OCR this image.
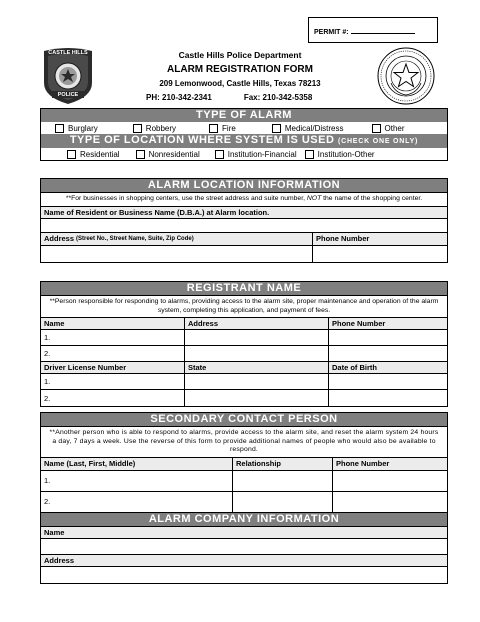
PERMIT #:
CASTLE HILLS
POLICE
Castle Hills Police Department
ALARM REGISTRATION FORM
209 Lemonwood, Castle Hills, Texas 78213
PH: 210-342-2341	Fax: 210-342-5358
TYPE OF ALARM
Burglary	Robbery	Fire	Medical/Distress	Other
TYPE OF LOCATION WHERE SYSTEM IS USED (CHECK ONE ONLY)
Residential	Nonresidential	Institution-Financial	Institution-Other
ALARM LOCATION INFORMATION
**For businesses in shopping centers, use the street address and suite number, NOT the name of the shopping center.
Name of Resident or Business Name (D.B.A.) at Alarm location.
Address (Street No., Street Name, Suite, Zip Code)	Phone Number
REGISTRANT NAME
**Person responsible for responding to alarms, providing access to the alarm site, proper maintenance and operation of the alarm system, completing this application, and payment of fees.
Name	Address	Phone Number
1.
2.
Driver License Number	State	Date of Birth
1.
2.
SECONDARY CONTACT PERSON
**Another person who is able to respond to alarms, provide access to the alarm site, and reset the alarm system 24 hours a day, 7 days a week. Use the reverse of this form to provide additional names of people who would also be available to respond.
Name (Last, First, Middle)	Relationship	Phone Number
1.
2.
ALARM COMPANY INFORMATION
Name
Address
